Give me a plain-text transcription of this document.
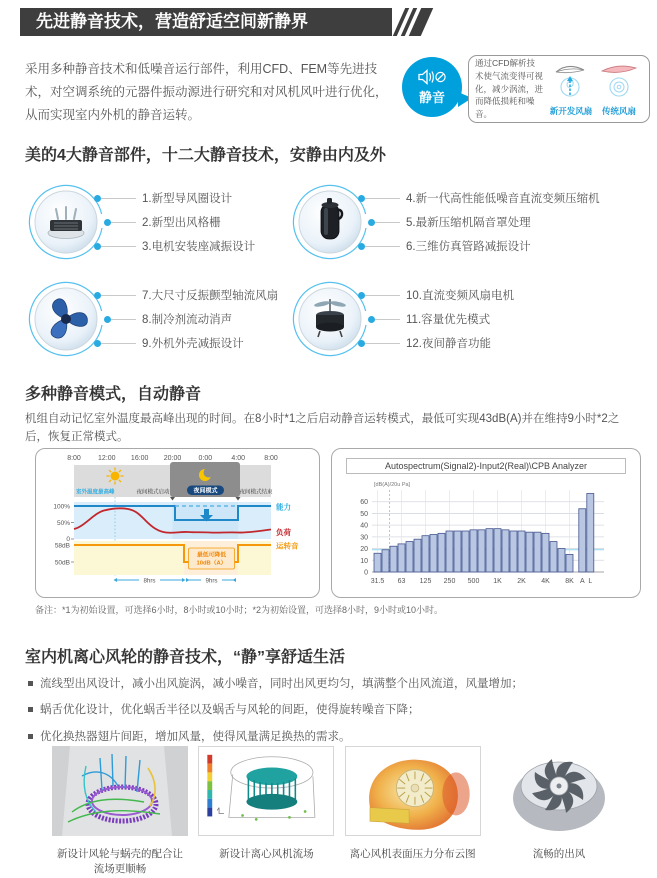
先进静音技术，营造舒适空间新静界
采用多种静音技术和低噪音运行部件，利用CFD、FEM等先进技术，对空调系统的元器件振动源进行研究和对风机风叶进行优化，从而实现室内外机的静音运转。
静音
通过CFD解析技术使气流变得可视化，减少涡流，进而降低损耗和噪音。	新开发风扇	传统风扇
美的4大静音部件，十二大静音技术，安静由内及外
1.新型导风圈设计
2.新型出风格栅
3.电机安装座减振设计
4.新一代高性能低噪音直流变频压缩机
5.最新压缩机隔音罩处理
6.三维仿真管路减振设计
7.大尺寸反振颤型轴流风扇
8.制冷剂流动消声
9.外机外壳减振设计
10.直流变频风扇电机
11.容量优先模式
12.夜间静音功能
多种静音模式，自动静音
机组自动记忆室外温度最高峰出现的时间。在8小时*1之后启动静音运转模式，最低可实现43dB(A)并在维持9小时*2之后，恢复正常模式。
8:00 12:00 16:00 20:00 0:00	4:00	8:00
室外温度最高峰	夜间模式启动	夜间模式	夜间模式结束
100%
50%
0
最低可降低
10dB（A）
58dB
50dB
8hrs	9hrs
能力
负荷
运转音
Autospectrum(Signal2)-Input2(Real)\CPB Analyzer
0
10
20
30
40
50
60
31.5 63 125 250 500 1K 2K 4K 8K A L
[dB(A)/20u Pa]
备注：*1为初始设置，可选择6小时，8小时或10小时；*2为初始设置，可选择8小时，9小时或10小时。
室内机离心风轮的静音技术，“静”享舒适生活
流线型出风设计，减小出风旋涡，减小噪音，同时出风更均匀，填满整个出风流道，风量增加；
蜗舌优化设计，优化蜗舌半径以及蜗舌与风轮的间距，使得旋转噪音下降；
优化换热器翅片间距，增加风量，使得风量满足换热的需求。
新设计风轮与蜗壳的配合让流场更顺畅
新设计离心风机流场	离心风机表面压力分布云图	流畅的出风
